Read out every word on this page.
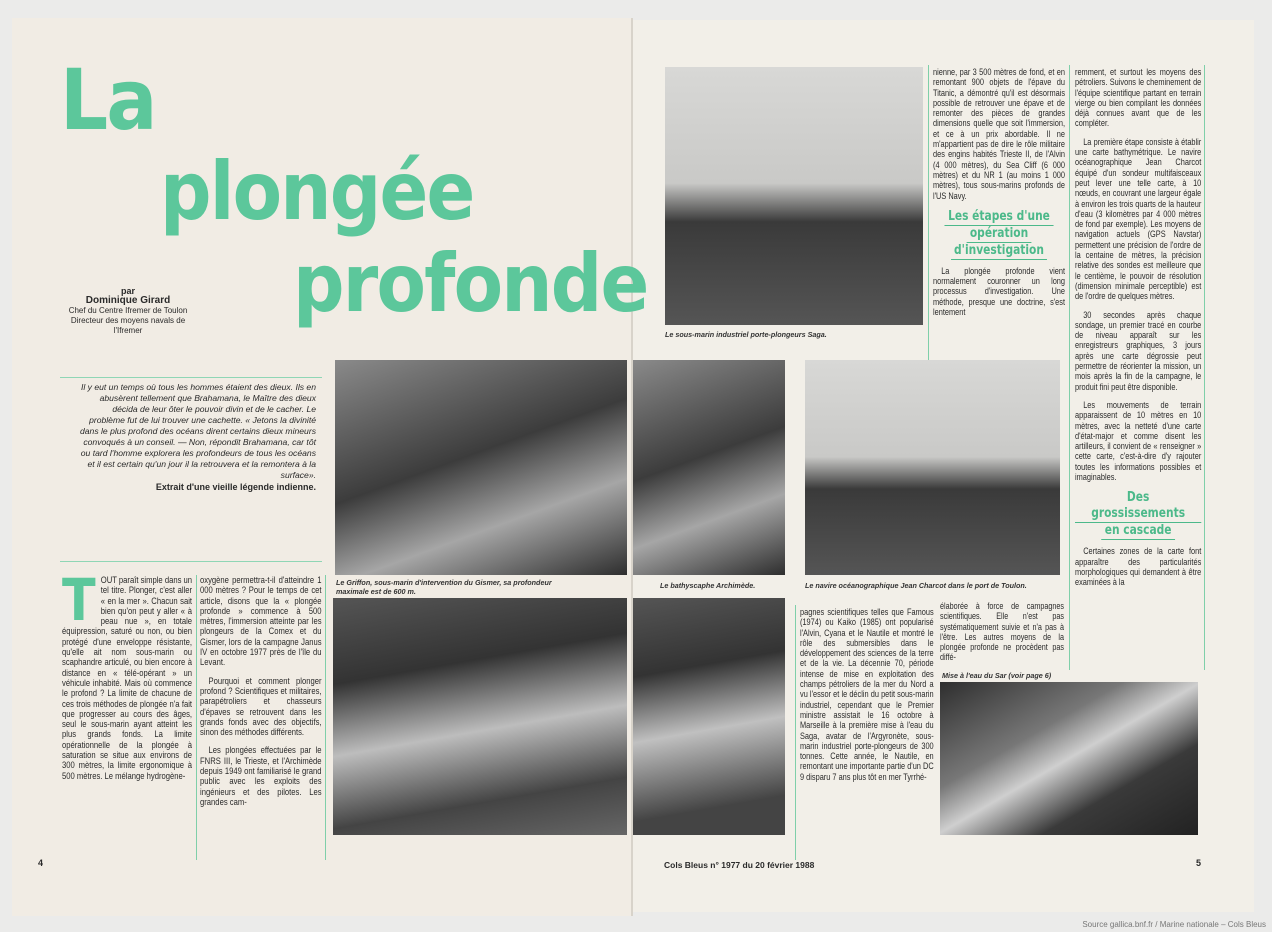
La
plongée
profonde
par
Dominique Girard
Chef du Centre Ifremer de Toulon
Directeur des moyens navals de l'Ifremer

Il y eut un temps où tous les hommes étaient des dieux. Ils en abusèrent tellement que Brahamana, le Maître des dieux décida de leur ôter le pouvoir divin et de le cacher. Le problème fut de lui trouver une cachette. « Jetons la divinité dans le plus profond des océans dirent certains dieux mineurs convoqués à un conseil. — Non, répondit Brahamana, car tôt ou tard l'homme explorera les profondeurs de tous les océans et il est certain qu'un jour il la retrouvera et la remontera à la surface».

Extrait d'une vieille légende indienne.

T OUT paraît simple dans un tel titre. Plonger, c'est aller « en la mer ». Chacun sait bien qu'on peut y aller « à peau nue », en totale équipression, saturé ou non, ou bien protégé d'une enveloppe résistante, qu'elle ait nom sous-marin ou scaphandre articulé, ou bien encore à distance en « télé-opérant » un véhicule inhabité. Mais où commence le profond ? La limite de chacune de ces trois méthodes de plongée n'a fait que progresser au cours des âges, seul le sous-marin ayant atteint les plus grands fonds. La limite opérationnelle de la plongée à saturation se situe aux environs de 300 mètres, la limite ergonomique à 500 mètres. Le mélange hydrogène-

oxygène permettra-t-il d'atteindre 1 000 mètres ? Pour le temps de cet article, disons que la « plongée profonde » commence à 500 mètres, l'immersion atteinte par les plongeurs de la Comex et du Gismer, lors de la campagne Janus IV en octobre 1977 près de l'île du Levant.

Pourquoi et comment plonger profond ? Scientifiques et militaires, parapétroliers et chasseurs d'épaves se retrouvent dans les grands fonds avec des objectifs, sinon des méthodes différents.

Les plongées effectuées par le FNRS III, le Trieste, et l'Archimède depuis 1949 ont familiarisé le grand public avec les exploits des ingénieurs et des pilotes. Les grandes cam-

Le Griffon, sous-marin d'intervention du Gismer, sa profondeur maximale est de 600 m.
Le bathyscaphe Archimède.
Le sous-marin industriel porte-plongeurs Saga.
Le navire océanographique Jean Charcot dans le port de Toulon.

nienne, par 3 500 mètres de fond, et en remontant 900 objets de l'épave du Titanic, a démontré qu'il est désormais possible de retrouver une épave et de remonter des pièces de grandes dimensions quelle que soit l'immersion, et ce à un prix abordable. Il ne m'appartient pas de dire le rôle militaire des engins habités Trieste II, de l'Alvin (4 000 mètres), du Sea Cliff (6 000 mètres) et du NR 1 (au moins 1 000 mètres), tous sous-marins profonds de l'US Navy.

Les étapes d'une
opération
d'investigation

La plongée profonde vient normalement couronner un long processus d'investigation. Une méthode, presque une doctrine, s'est lentement

remment, et surtout les moyens des pétroliers. Suivons le cheminement de l'équipe scientifique partant en terrain vierge ou bien compilant les données déjà connues avant que de les compléter.

La première étape consiste à établir une carte bathymétrique. Le navire océanographique Jean Charcot équipé d'un sondeur multifaisceaux peut lever une telle carte, à 10 nœuds, en couvrant une largeur égale à environ les trois quarts de la hauteur d'eau (3 kilomètres par 4 000 mètres de fond par exemple). Les moyens de navigation actuels (GPS Navstar) permettent une précision de l'ordre de la centaine de mètres, la précision relative des sondes est meilleure que le centième, le pouvoir de résolution (dimension minimale perceptible) est de l'ordre de quelques mètres.

30 secondes après chaque sondage, un premier tracé en courbe de niveau apparaît sur les enregistreurs graphiques, 3 jours après une carte dégrossie peut permettre de réorienter la mission, un mois après la fin de la campagne, le produit fini peut être disponible.

Les mouvements de terrain apparaissent de 10 mètres en 10 mètres, avec la netteté d'une carte d'état-major et comme disent les artilleurs, il convient de « renseigner » cette carte, c'est-à-dire d'y rajouter toutes les informations possibles et imaginables.

Des grossissements
en cascade

Certaines zones de la carte font apparaître des particularités morphologiques qui demandent à être examinées à la

pagnes scientifiques telles que Famous (1974) ou Kaiko (1985) ont popularisé l'Alvin, Cyana et le Nautile et montré le rôle des submersibles dans le développement des sciences de la terre et de la vie. La décennie 70, période intense de mise en exploitation des champs pétroliers de la mer du Nord a vu l'essor et le déclin du petit sous-marin industriel, cependant que le Premier ministre assistait le 16 octobre à Marseille à la première mise à l'eau du Saga, avatar de l'Argyronète, sous-marin industriel porte-plongeurs de 300 tonnes. Cette année, le Nautile, en remontant une importante partie d'un DC 9 disparu 7 ans plus tôt en mer Tyrrhé-

élaborée à force de campagnes scientifiques. Elle n'est pas systématiquement suivie et n'a pas à l'être. Les autres moyens de la plongée profonde ne procèdent pas diffé-

Mise à l'eau du Sar (voir page 6)
4	Cols Bleus n° 1977 du 20 février 1988	5
Source gallica.bnf.fr / Marine nationale – Cols Bleus
